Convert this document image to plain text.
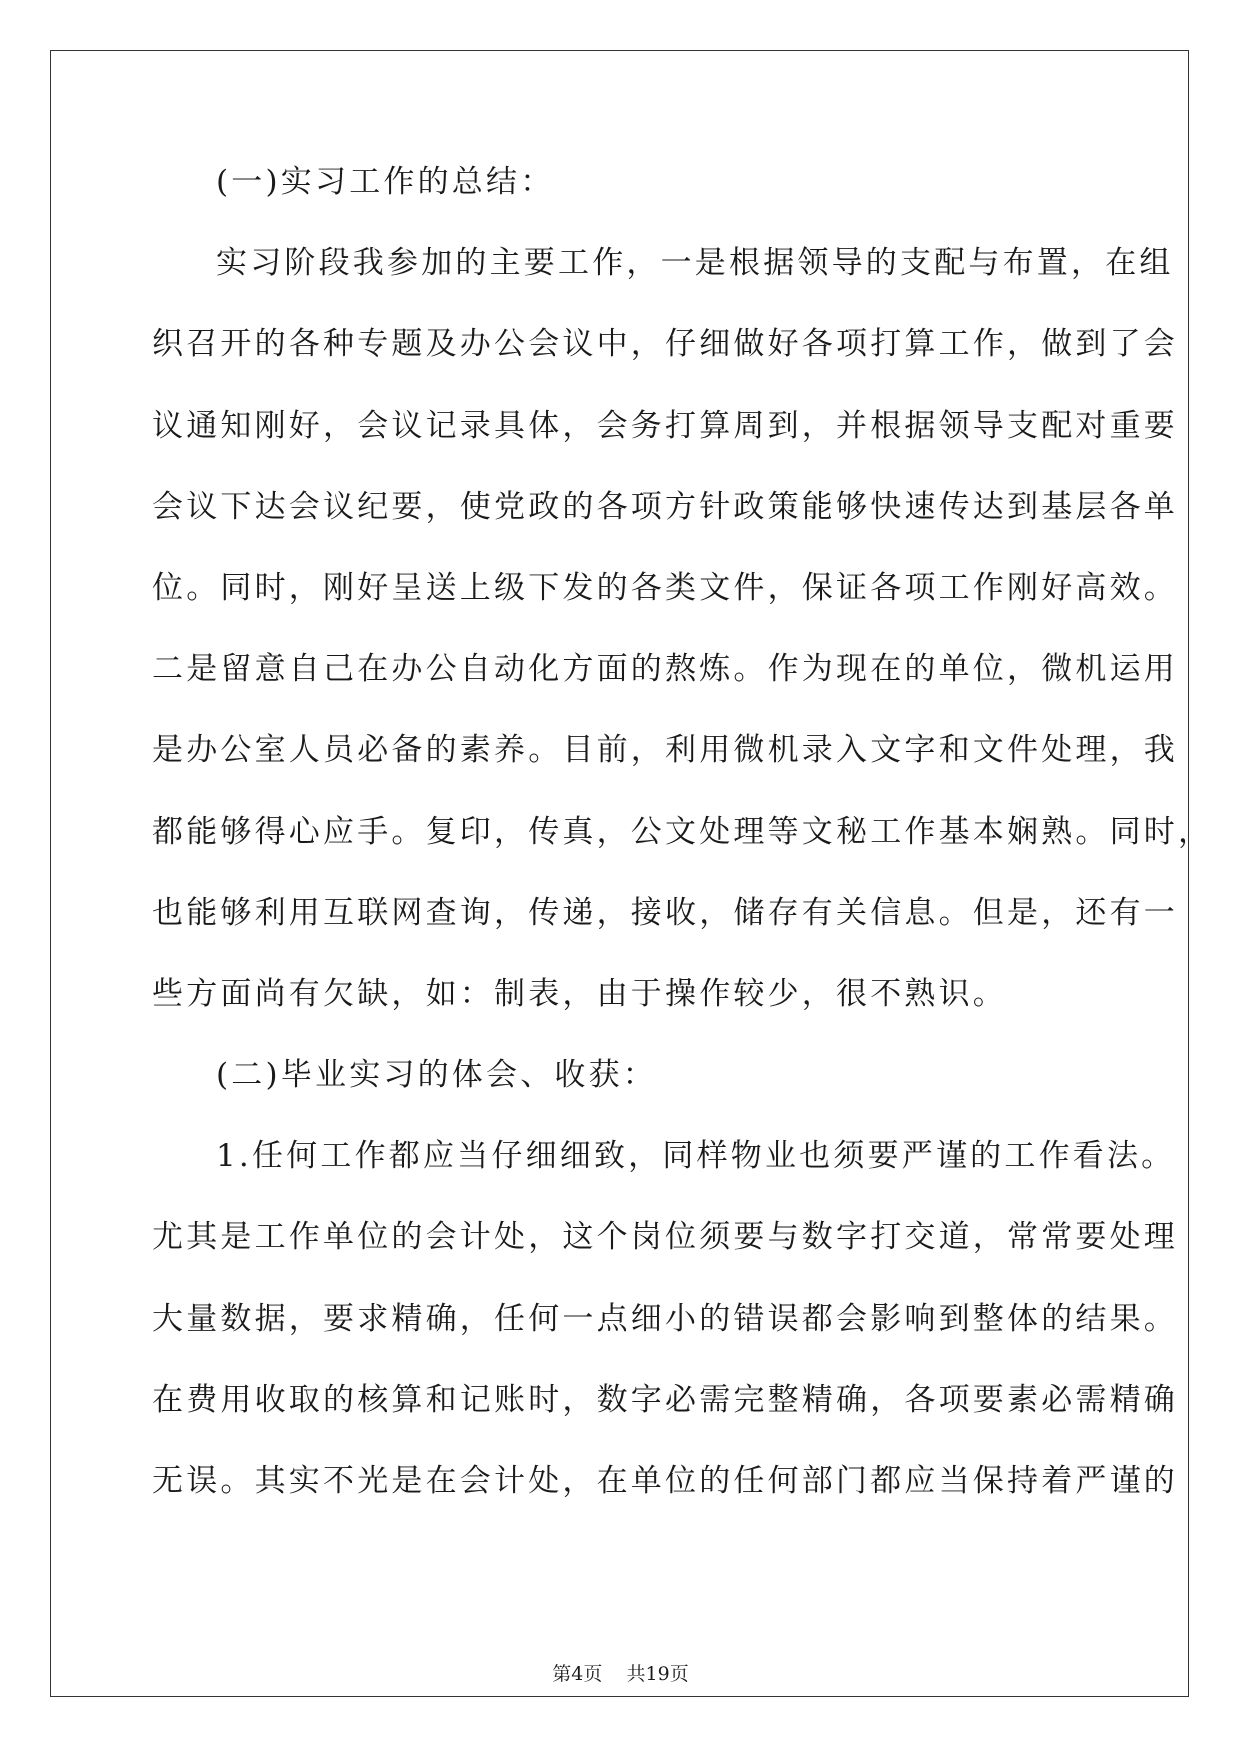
(一)实习工作的总结：
实习阶段我参加的主要工作，一是根据领导的支配与布置，在组
织召开的各种专题及办公会议中，仔细做好各项打算工作，做到了会
议通知刚好，会议记录具体，会务打算周到，并根据领导支配对重要
会议下达会议纪要，使党政的各项方针政策能够快速传达到基层各单
位。同时，刚好呈送上级下发的各类文件，保证各项工作刚好高效。
二是留意自己在办公自动化方面的熬炼。作为现在的单位，微机运用
是办公室人员必备的素养。目前，利用微机录入文字和文件处理，我
都能够得心应手。复印，传真，公文处理等文秘工作基本娴熟。同时，
也能够利用互联网查询，传递，接收，储存有关信息。但是，还有一
些方面尚有欠缺，如：制表，由于操作较少，很不熟识。
(二)毕业实习的体会、收获：
1.任何工作都应当仔细细致，同样物业也须要严谨的工作看法。
尤其是工作单位的会计处，这个岗位须要与数字打交道，常常要处理
大量数据，要求精确，任何一点细小的错误都会影响到整体的结果。
在费用收取的核算和记账时，数字必需完整精确，各项要素必需精确
无误。其实不光是在会计处，在单位的任何部门都应当保持着严谨的
第4页 共19页
